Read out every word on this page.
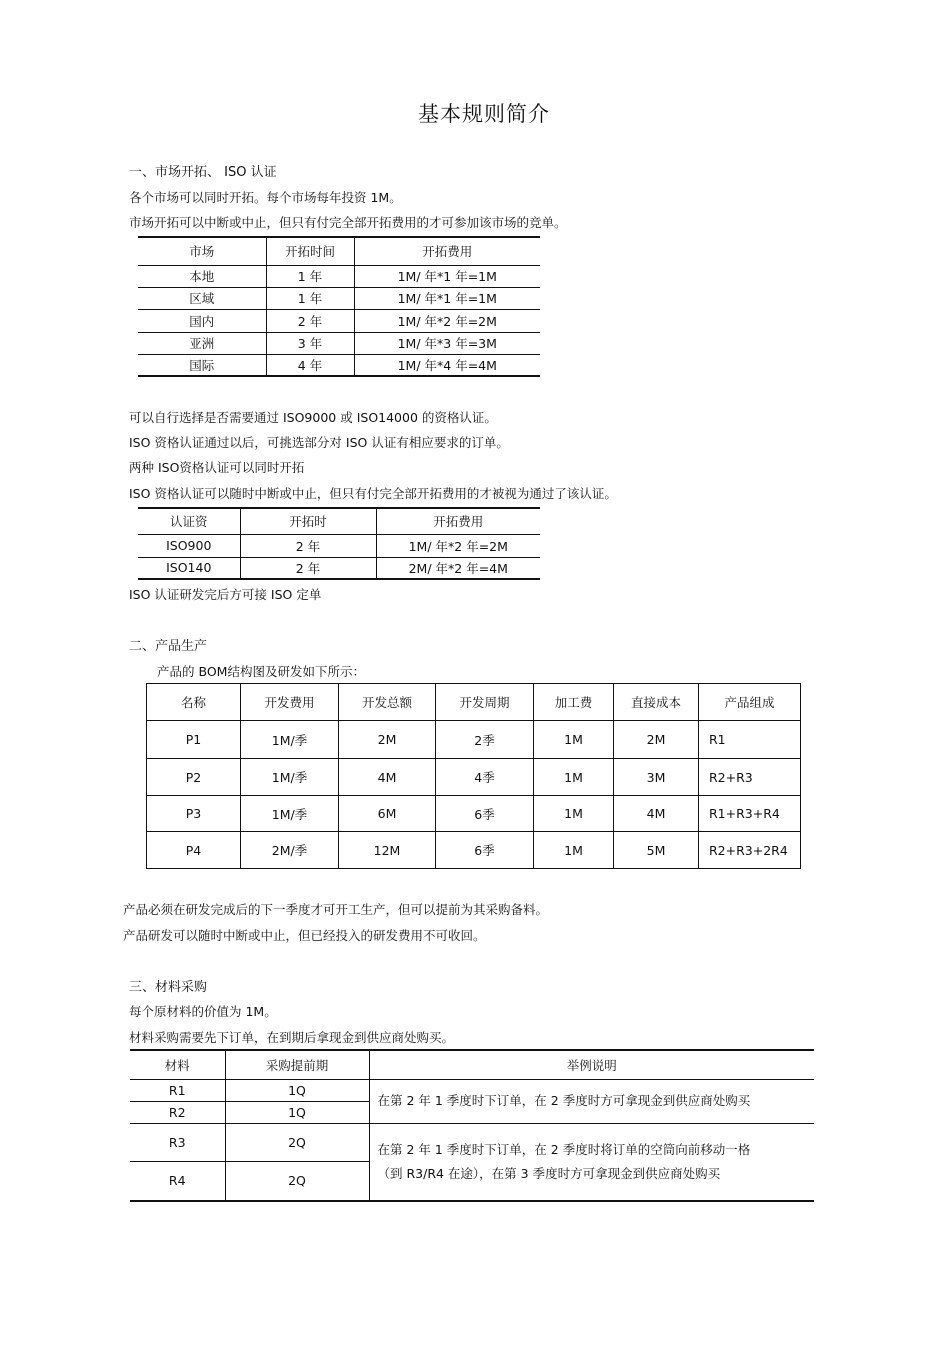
基本规则简介
一、市场开拓、 ISO 认证
各个市场可以同时开拓。每个市场每年投资 1M。
市场开拓可以中断或中止，但只有付完全部开拓费用的才可参加该市场的竞单。
市场	开拓时间	开拓费用
本地	1 年	1M/ 年*1 年=1M
区域	1 年	1M/ 年*1 年=1M
国内	2 年	1M/ 年*2 年=2M
亚洲	3 年	1M/ 年*3 年=3M
国际	4 年	1M/ 年*4 年=4M
可以自行选择是否需要通过 ISO9000 或 ISO14000 的资格认证。
ISO 资格认证通过以后，可挑选部分对 ISO 认证有相应要求的订单。
两种 ISO资格认证可以同时开拓
ISO 资格认证可以随时中断或中止，但只有付完全部开拓费用的才被视为通过了该认证。
认证资	开拓时	开拓费用
ISO900	2 年	1M/ 年*2 年=2M
ISO140	2 年	2M/ 年*2 年=4M
ISO 认证研发完后方可接 ISO 定单
二、产品生产
产品的 BOM结构图及研发如下所示：
名称	开发费用	开发总额	开发周期	加工费	直接成本	产品组成
P1	1M/季	2M	2季	1M	2M	R1
P2	1M/季	4M	4季	1M	3M	R2+R3
P3	1M/季	6M	6季	1M	4M	R1+R3+R4
P4	2M/季	12M	6季	1M	5M	R2+R3+2R4
产品必须在研发完成后的下一季度才可开工生产，但可以提前为其采购备料。
产品研发可以随时中断或中止，但已经投入的研发费用不可收回。
三、材料采购
每个原材料的价值为 1M。
材料采购需要先下订单，在到期后拿现金到供应商处购买。
材料	采购提前期	举例说明
R1	1Q	在第 2 年 1 季度时下订单，在 2 季度时方可拿现金到供应商处购买
R2	1Q	
R3	2Q	在第 2 年 1 季度时下订单，在 2 季度时将订单的空筒向前移动一格
（到 R3/R4 在途），在第 3 季度时方可拿现金到供应商处购买

R4	2Q	
